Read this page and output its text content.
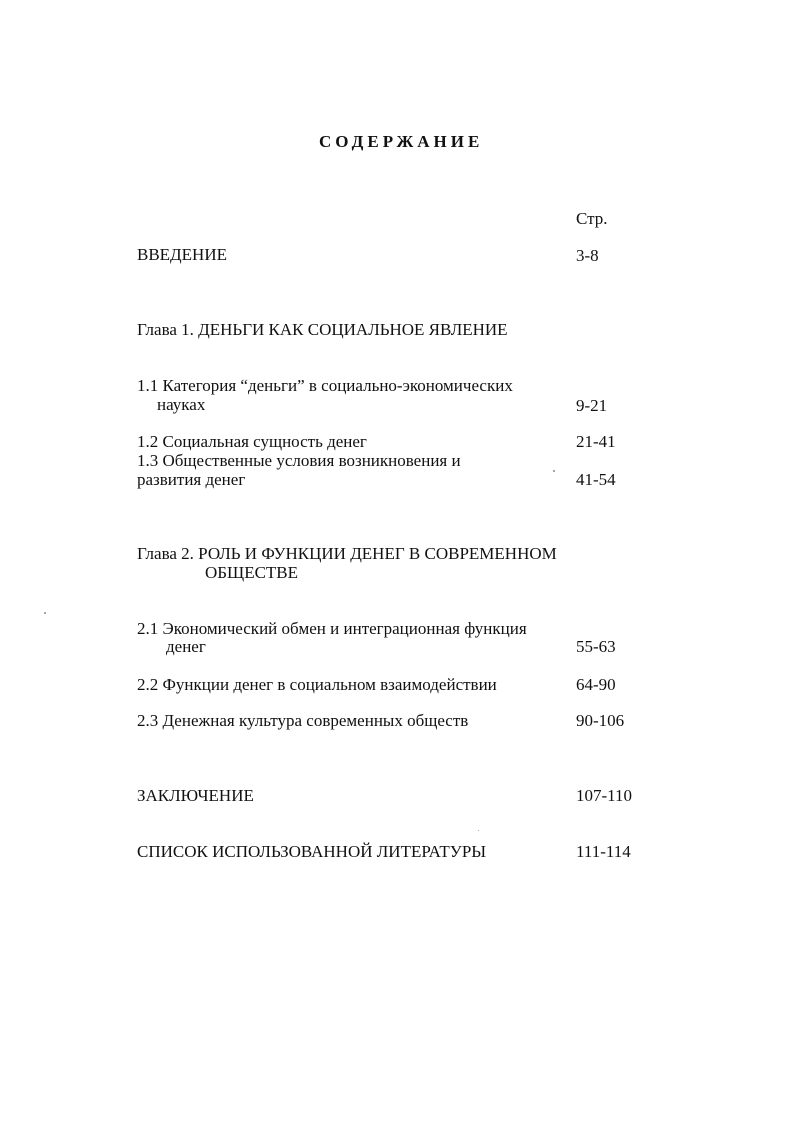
СОДЕРЖАНИЕ
Стр.
ВВЕДЕНИЕ	3-8
Глава 1. ДЕНЬГИ КАК СОЦИАЛЬНОЕ ЯВЛЕНИЕ
1.1 Категория “деньги” в социально-экономических
науках	9-21
1.2 Социальная сущность денег	21-41
1.3 Общественные условия возникновения и
развития денег	41-54
Глава 2. РОЛЬ И ФУНКЦИИ ДЕНЕГ В СОВРЕМЕННОМ
ОБЩЕСТВЕ
2.1 Экономический обмен и интеграционная функция
денег	55-63
2.2 Функции денег в социальном взаимодействии	64-90
2.3 Денежная культура современных обществ	90-106
ЗАКЛЮЧЕНИЕ	107-110
СПИСОК ИСПОЛЬЗОВАННОЙ ЛИТЕРАТУРЫ	111-114
